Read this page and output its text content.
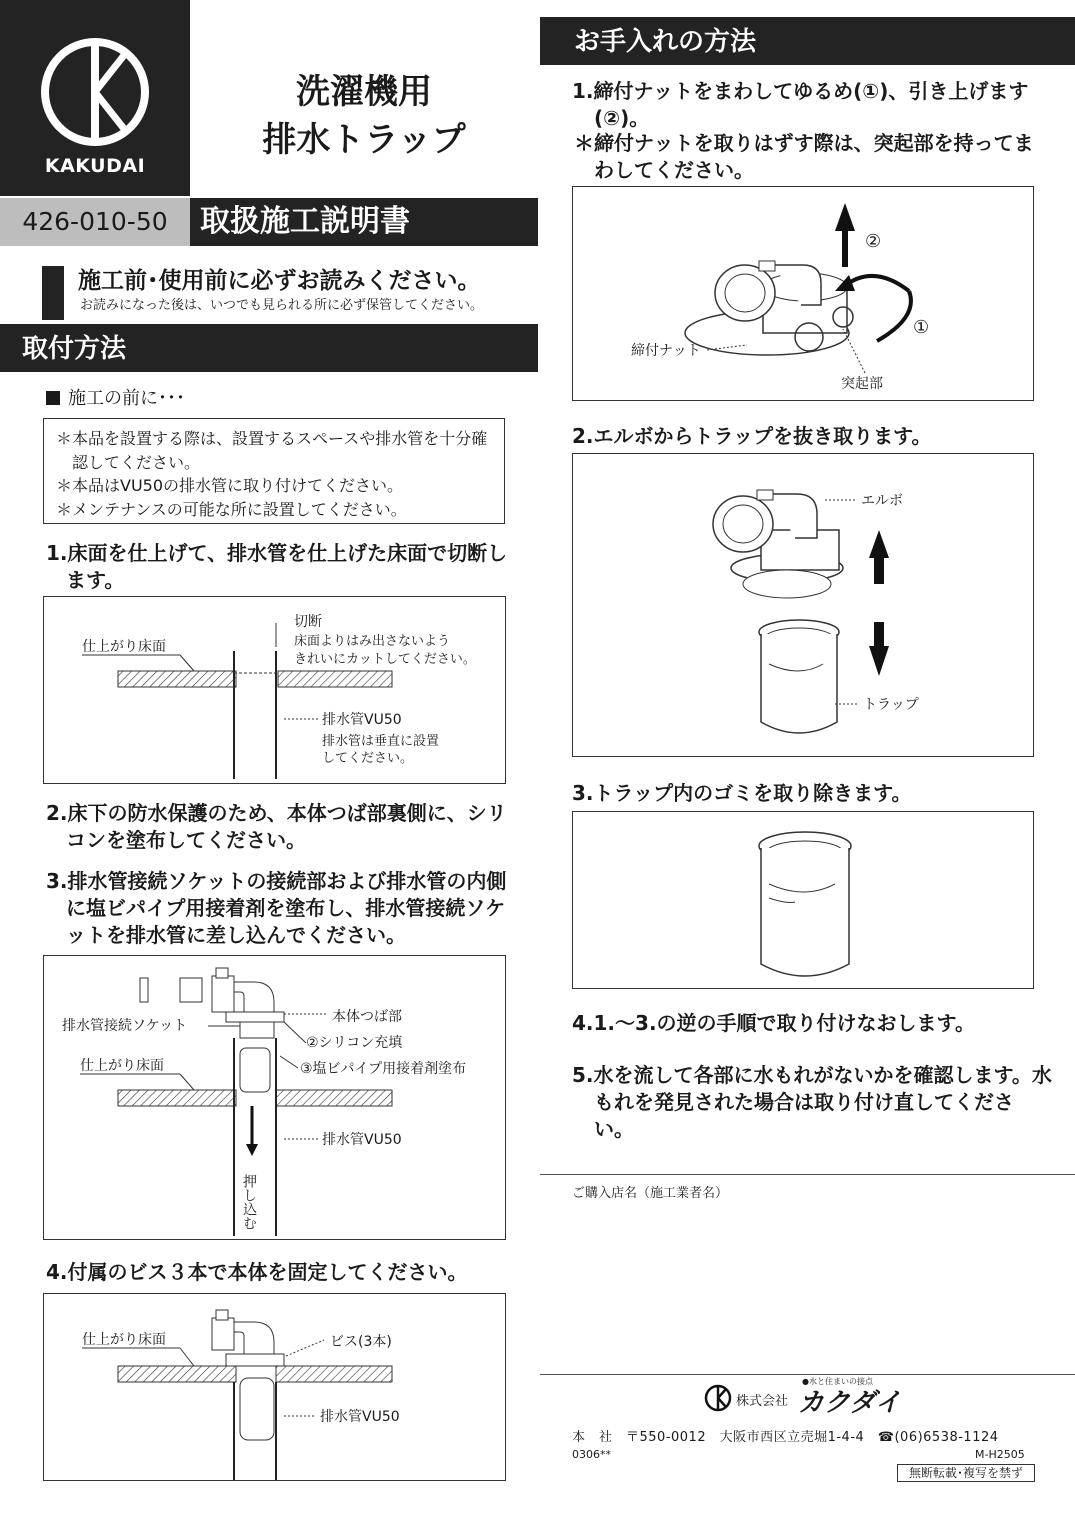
KAKUDAI
洗濯機用
排水トラップ
426-010-50	取扱施工説明書
施工前･使用前に必ずお読みください。
お読みになった後は、いつでも見られる所に必ず保管してください。
取付方法
施工の前に･･･
＊本品を設置する際は、設置するスペースや排水管を十分確認してください。
＊本品はVU50の排水管に取り付けてください。
＊メンテナンスの可能な所に設置してください。
1.床面を仕上げて、排水管を仕上げた床面で切断します。
仕上がり床面
切断
床面よりはみ出さないよう
きれいにカットしてください。
排水管VU50
排水管は垂直に設置
してください。
2.床下の防水保護のため、本体つば部裏側に、シリコンを塗布してください。
3.排水管接続ソケットの接続部および排水管の内側に塩ビパイプ用接着剤を塗布し、排水管接続ソケットを排水管に差し込んでください。
押し込む
本体つば部
排水管接続ソケット
②シリコン充填
仕上がり床面	③塩ビパイプ用接着剤塗布
排水管VU50
4.付属のビス３本で本体を固定してください。
仕上がり床面	ビス(3本)
排水管VU50
お手入れの方法
1.締付ナットをまわしてゆるめ(①)、引き上げます(②)。
＊締付ナットを取りはずす際は、突起部を持ってまわしてください。
②
①
締付ナット
突起部
2.エルボからトラップを抜き取ります。
エルボ
トラップ
3.トラップ内のゴミを取り除きます。
4.1.～3.の逆の手順で取り付けなおします。
5.水を流して各部に水もれがないかを確認します。水もれを発見された場合は取り付け直してください。
ご購入店名（施工業者名）
●水と住まいの接点
株式会社 カクダイ
本　社　〒550-0012　大阪市西区立売堀1-4-4　☎(06)6538-1124
0306**	M-H2505
無断転載･複写を禁ず
